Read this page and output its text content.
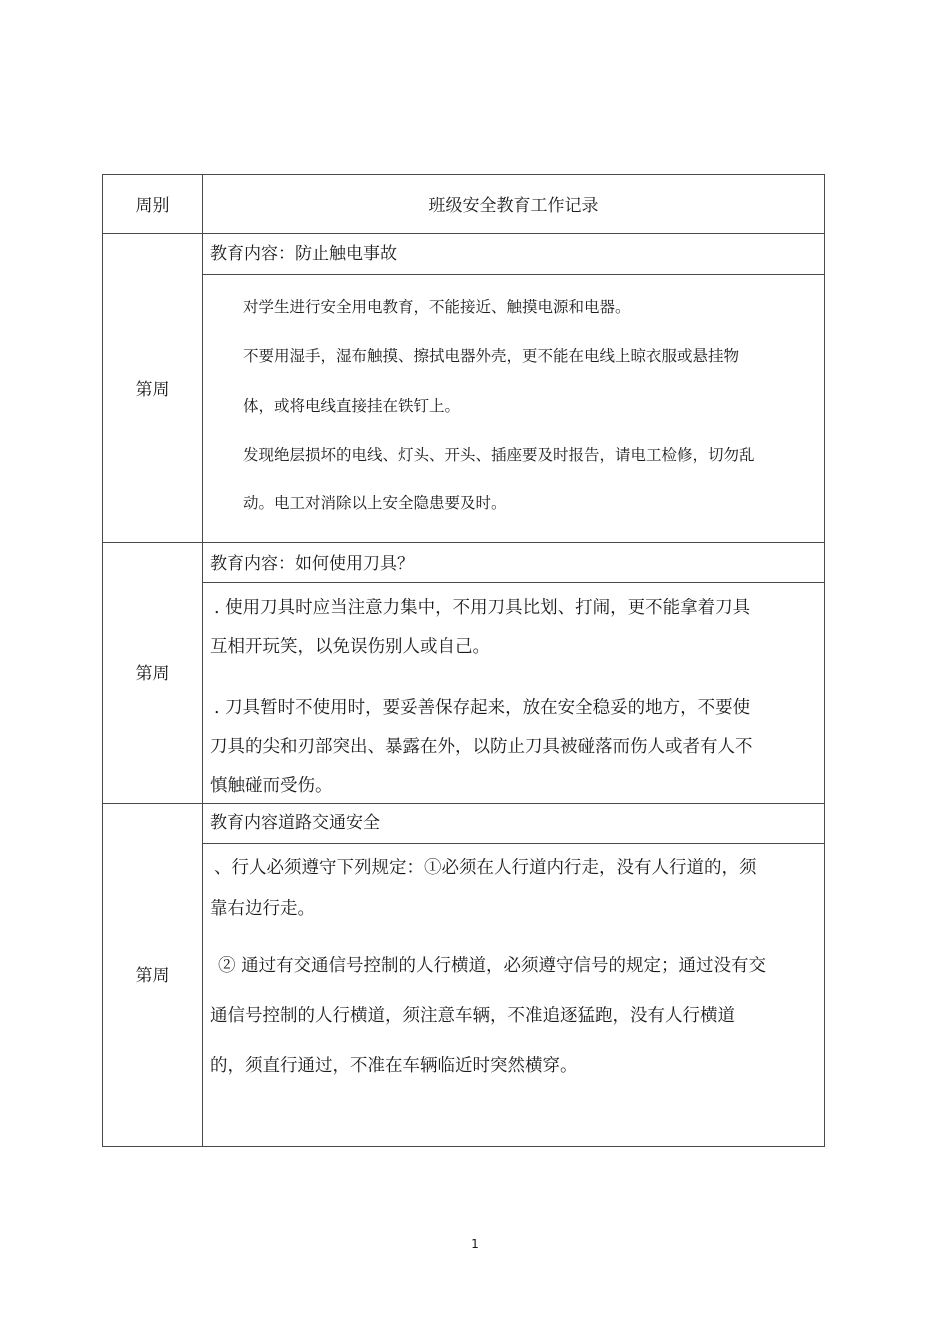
周别	班级安全教育工作记录
第周
教育内容：防止触电事故
对学生进行安全用电教育，不能接近、触摸电源和电器。
不要用湿手，湿布触摸、擦拭电器外壳，更不能在电线上晾衣服或悬挂物
体，或将电线直接挂在铁钉上。
发现绝层损坏的电线、灯头、开头、插座要及时报告，请电工检修，切勿乱
动。电工对消除以上安全隐患要及时。
第周
教育内容：如何使用刀具？
. 使用刀具时应当注意力集中，不用刀具比划、打闹，更不能拿着刀具
互相开玩笑，以免误伤别人或自己。
. 刀具暂时不使用时，要妥善保存起来，放在安全稳妥的地方，不要使
刀具的尖和刃部突出、暴露在外，以防止刀具被碰落而伤人或者有人不
慎触碰而受伤。
第周
教育内容道路交通安全
、行人必须遵守下列规定：①必须在人行道内行走，没有人行道的，须
靠右边行走。
② 通过有交通信号控制的人行横道，必须遵守信号的规定；通过没有交
通信号控制的人行横道，须注意车辆，不准追逐猛跑，没有人行横道
的，须直行通过，不准在车辆临近时突然横穿。
1
